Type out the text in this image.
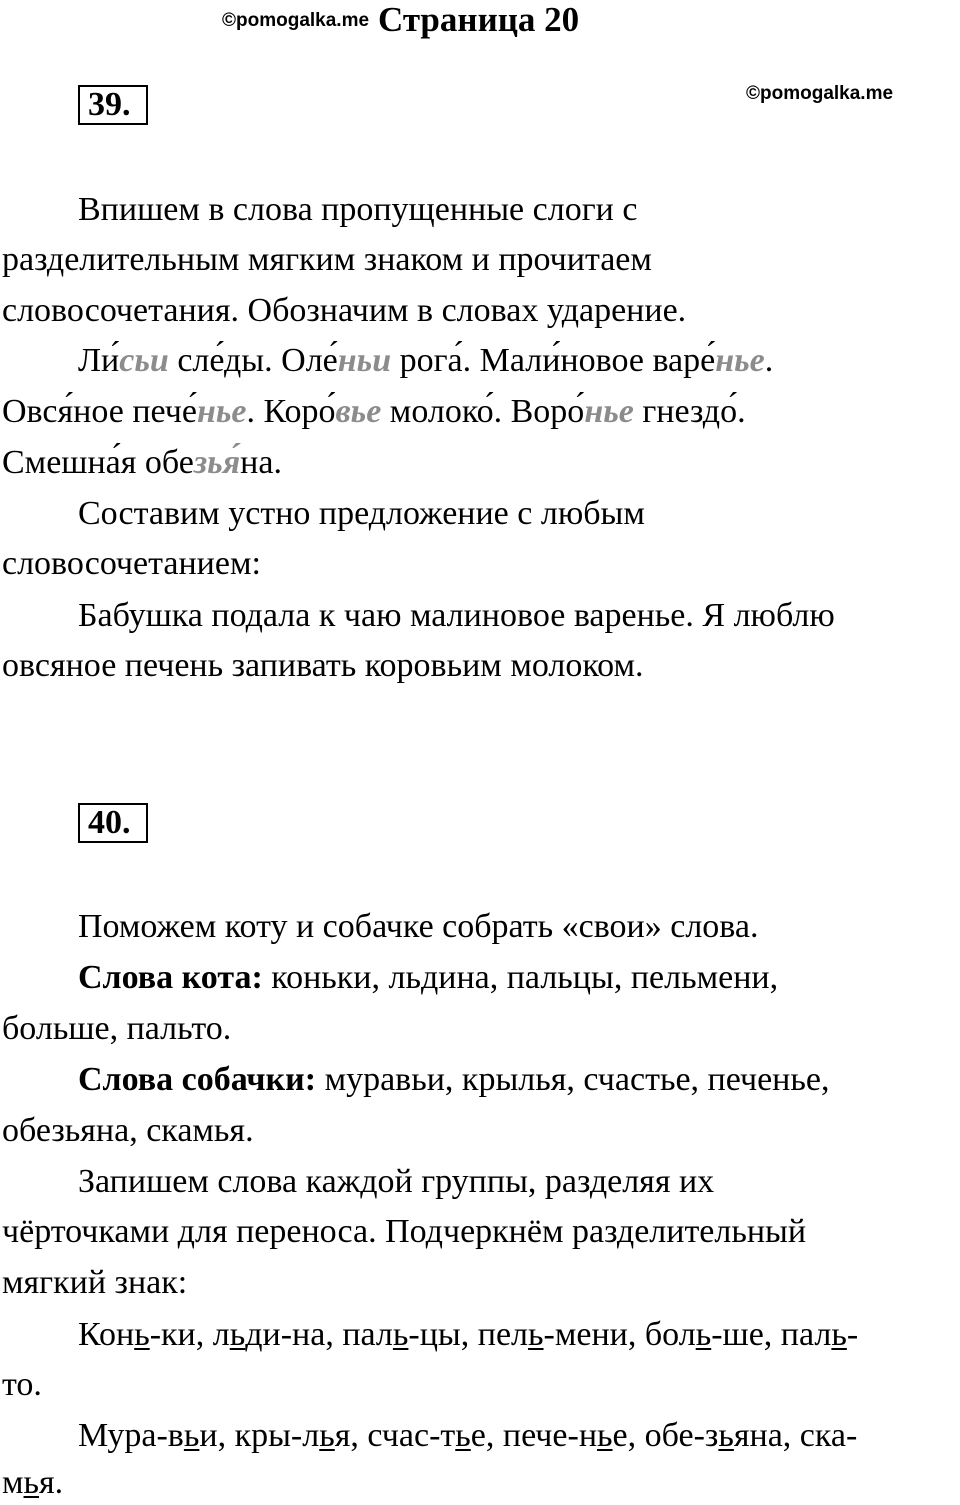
©pomogalka.me Страница 20
©pomogalka.me
39.
Впишем в слова пропущенные слоги с
разделительным мягким знаком и прочитаем
словосочетания. Обозначим в словах ударение.
Ли́сьи сле́ды. Оле́ньи рога́. Мали́новое варе́нье.
Овся́ное пече́нье. Коро́вье молоко́. Воро́нье гнездо́.
Смешна́я обезья́на.
Составим устно предложение с любым
словосочетанием:
Бабушка подала к чаю малиновое варенье. Я люблю
овсяное печень запивать коровьим молоком.
40.
Поможем коту и собачке собрать «свои» слова.
Слова кота: коньки, льдина, пальцы, пельмени,
больше, пальто.
Слова собачки: муравьи, крылья, счастье, печенье,
обезьяна, скамья.
Запишем слова каждой группы, разделяя их
чёрточками для переноса. Подчеркнём разделительный
мягкий знак:
Конь-ки, льди-на, паль-цы, пель-мени, боль-ше, паль-
то.
Мура-вьи, кры-лья, счас-тье, пече-нье, обе-зьяна, ска-
мья.
